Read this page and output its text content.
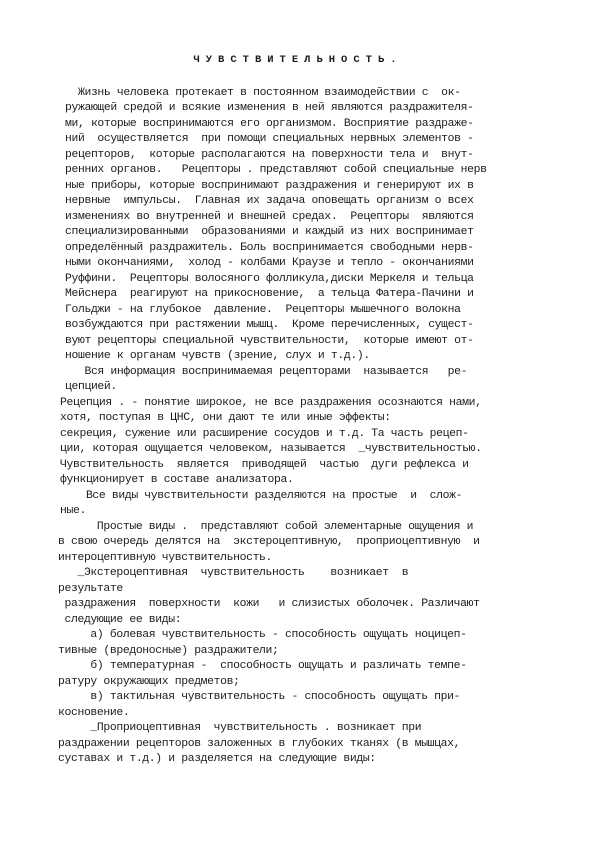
ЧУВСТВИТЕЛЬНОСТЬ.
Жизнь человека протекает в постоянном взаимодействии с  ок-
ружающей средой и всякие изменения в ней являются раздражителя-
ми, которые воспринимаются его организмом. Восприятие раздраже-
ний  осуществляется  при помощи специальных нервных элементов -
рецепторов,  которые располагаются на поверхности тела и  внут-
ренних органов.   Рецепторы . представляют собой специальные нерв
ные приборы, которые воспринимают раздражения и генерируют их в
нервные  импульсы.  Главная их задача оповещать организм о всех
изменениях во внутренней и внешней средах.  Рецепторы  являются
специализированными  образованиями и каждый из них воспринимает
определённый раздражитель. Боль воспринимается свободными нерв-
ными окончаниями,  холод - колбами Краузе и тепло - окончаниями
Руффини.  Рецепторы волосяного фолликула,диски Меркеля и тельца
Мейснера  реагируют на прикосновение,  а тельца Фатера-Пачини и
Гольджи - на глубокое  давление.  Рецепторы мышечного волокна
возбуждаются при растяжении мышц.  Кроме перечисленных, сущест-
вуют рецепторы специальной чувствительности,  которые имеют от-
ношение к органам чувств (зрение, слух и т.д.).
Вся информация воспринимаемая рецепторами  называется   ре-
цепцией.
Рецепция . - понятие широкое, не все раздражения осознаются нами,
хотя, поступая в ЦНС, они дают те или иные эффекты:
секреция, сужение или расширение сосудов и т.д. Та часть рецеп-
ции, которая ощущается человеком, называется  _чувствительностью.
Чувствительность  является  приводящей  частью  дуги рефлекса и
функционирует в составе анализатора.
Все виды чувствительности разделяются на простые  и  слож-
ные.
Простые виды .  представляют собой элементарные ощущения и
в свою очередь делятся на  экстероцептивную,  проприоцептивную  и
интероцептивную чувствительность.
_Экстероцептивная  чувствительность    возникает  в
результате
раздражения  поверхности  кожи   и слизистых оболочек. Различают
следующие ее виды:
а) болевая чувствительность - способность ощущать ноцицеп-
тивные (вредоносные) раздражители;
б) температурная -  способность ощущать и различать темпе-
ратуру окружающих предметов;
в) тактильная чувствительность - способность ощущать при-
косновение.
_Проприоцептивная  чувствительность . возникает при
раздражении рецепторов заложенных в глубоких тканях (в мышцах,
суставах и т.д.) и разделяется на следующие виды:
